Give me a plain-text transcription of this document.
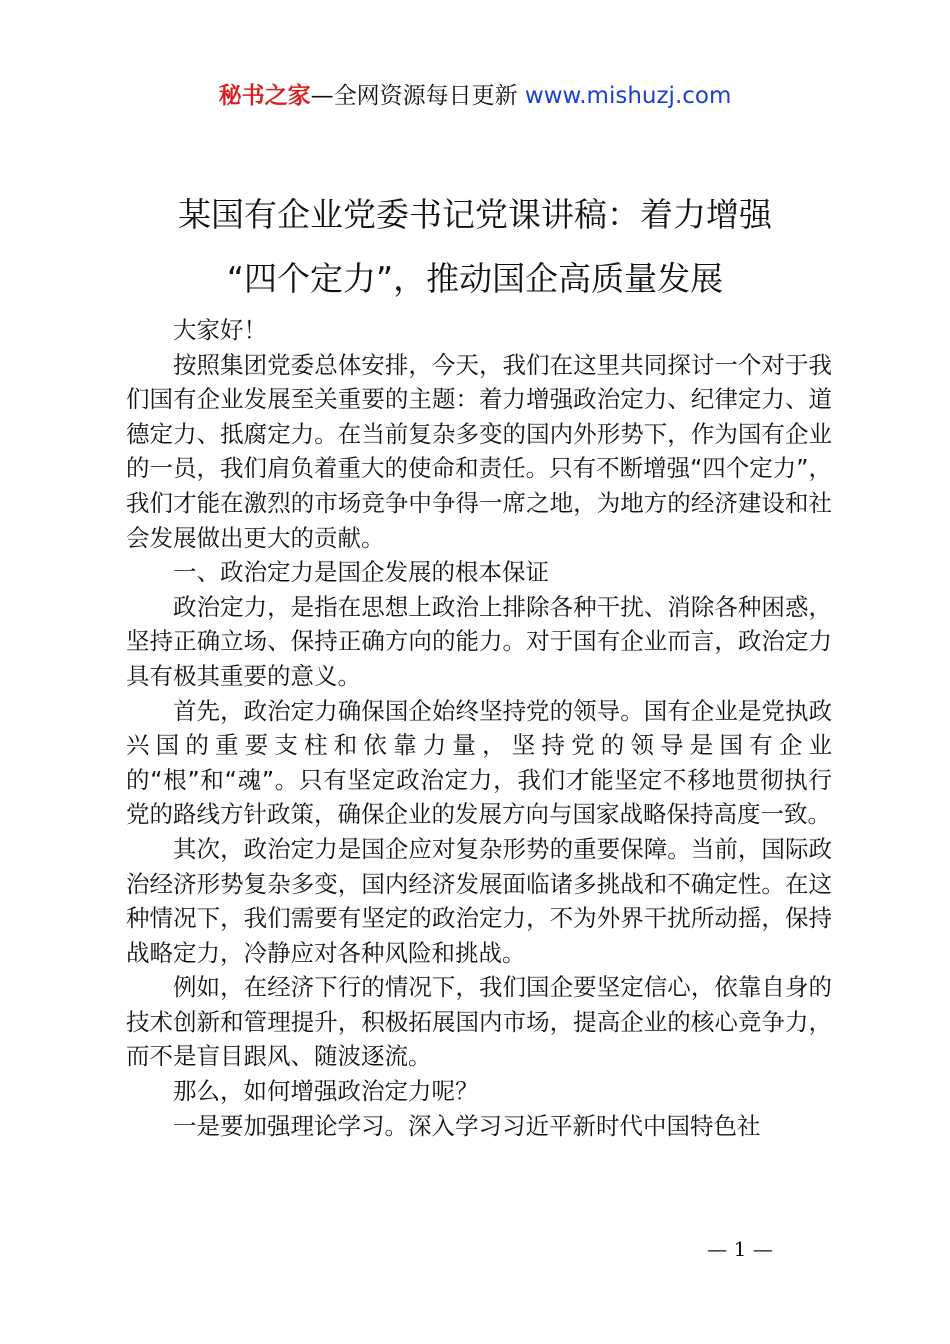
秘书之家—全网资源每日更新 www.mishuzj.com
某国有企业党委书记党课讲稿：着力增强
“四个定力”，推动国企高质量发展

大家好！

按照集团党委总体安排，今天，我们在这里共同探讨一个对于我们国有企业发展至关重要的主题：着力增强政治定力、纪律定力、道德定力、抵腐定力。在当前复杂多变的国内外形势下，作为国有企业的一员，我们肩负着重大的使命和责任。只有不断增强“四个定力”，我们才能在激烈的市场竞争中争得一席之地，为地方的经济建设和社会发展做出更大的贡献。

一、政治定力是国企发展的根本保证

政治定力，是指在思想上政治上排除各种干扰、消除各种困惑，坚持正确立场、保持正确方向的能力。对于国有企业而言，政治定力具有极其重要的意义。

首先，政治定力确保国企始终坚持党的领导。国有企业是党执政兴国的重要支柱和依靠力量，坚持党的领导是国有企业的“根”和“魂”。只有坚定政治定力，我们才能坚定不移地贯彻执行党的路线方针政策，确保企业的发展方向与国家战略保持高度一致。

其次，政治定力是国企应对复杂形势的重要保障。当前，国际政治经济形势复杂多变，国内经济发展面临诸多挑战和不确定性。在这种情况下，我们需要有坚定的政治定力，不为外界干扰所动摇，保持战略定力，冷静应对各种风险和挑战。

例如，在经济下行的情况下，我们国企要坚定信心，依靠自身的技术创新和管理提升，积极拓展国内市场，提高企业的核心竞争力，而不是盲目跟风、随波逐流。

那么，如何增强政治定力呢？

一是要加强理论学习。深入学习习近平新时代中国特色社

— 1 —
